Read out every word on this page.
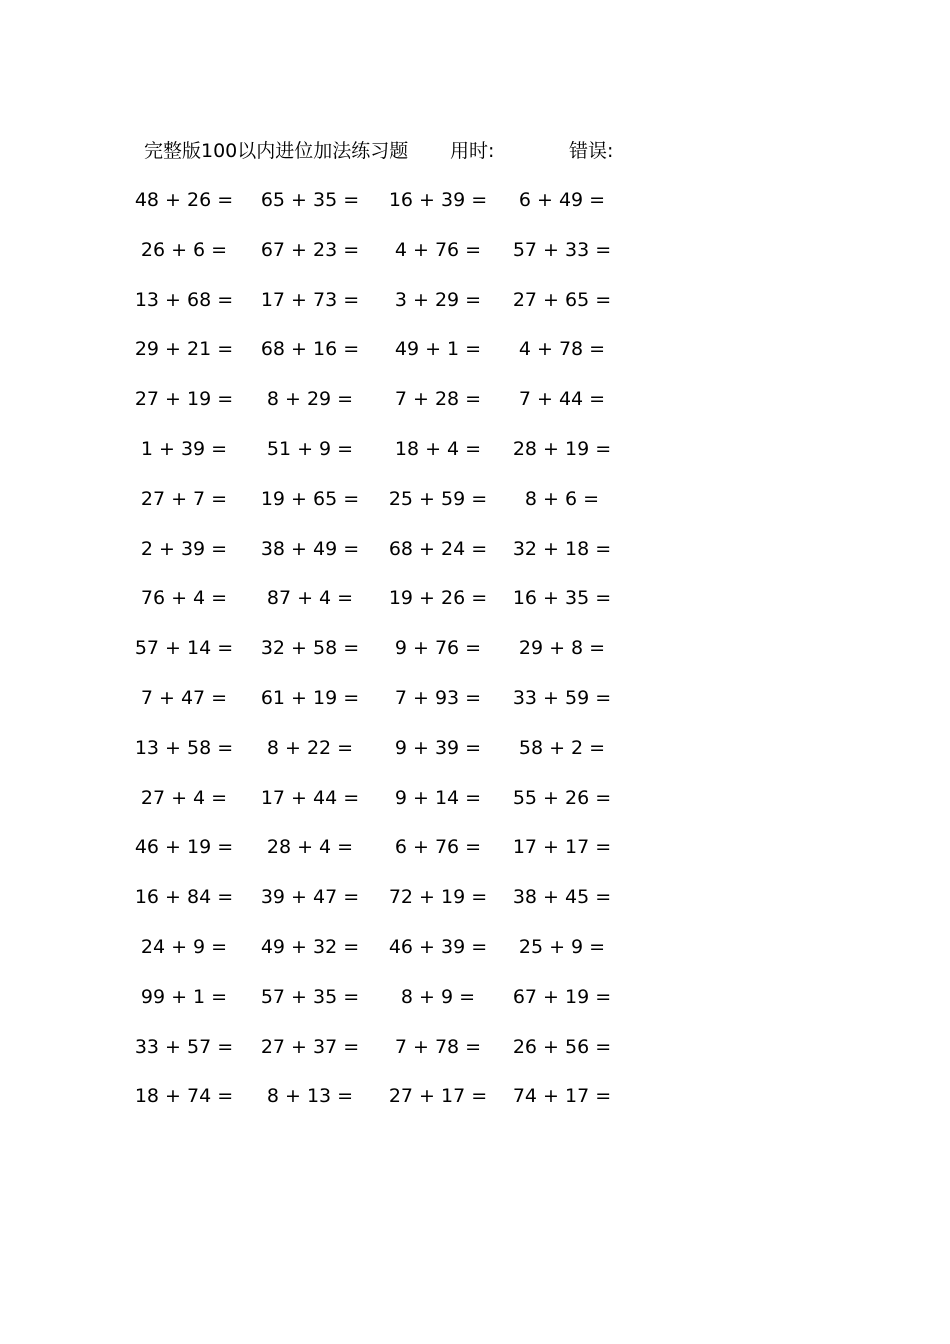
完整版100以内进位加法练习题 用时:	错误:
48 + 26 =	65 + 35 =	16 + 39 =	6 + 49 =
26 + 6 =	67 + 23 =	4 + 76 =	57 + 33 =
13 + 68 =	17 + 73 =	3 + 29 =	27 + 65 =
29 + 21 =	68 + 16 =	49 + 1 =	4 + 78 =
27 + 19 =	8 + 29 =	7 + 28 =	7 + 44 =
1 + 39 =	51 + 9 =	18 + 4 =	28 + 19 =
27 + 7 =	19 + 65 =	25 + 59 =	8 + 6 =
2 + 39 =	38 + 49 =	68 + 24 =	32 + 18 =
76 + 4 =	87 + 4 =	19 + 26 =	16 + 35 =
57 + 14 =	32 + 58 =	9 + 76 =	29 + 8 =
7 + 47 =	61 + 19 =	7 + 93 =	33 + 59 =
13 + 58 =	8 + 22 =	9 + 39 =	58 + 2 =
27 + 4 =	17 + 44 =	9 + 14 =	55 + 26 =
46 + 19 =	28 + 4 =	6 + 76 =	17 + 17 =
16 + 84 =	39 + 47 =	72 + 19 =	38 + 45 =
24 + 9 =	49 + 32 =	46 + 39 =	25 + 9 =
99 + 1 =	57 + 35 =	8 + 9 =	67 + 19 =
33 + 57 =	27 + 37 =	7 + 78 =	26 + 56 =
18 + 74 =	8 + 13 =	27 + 17 =	74 + 17 =
